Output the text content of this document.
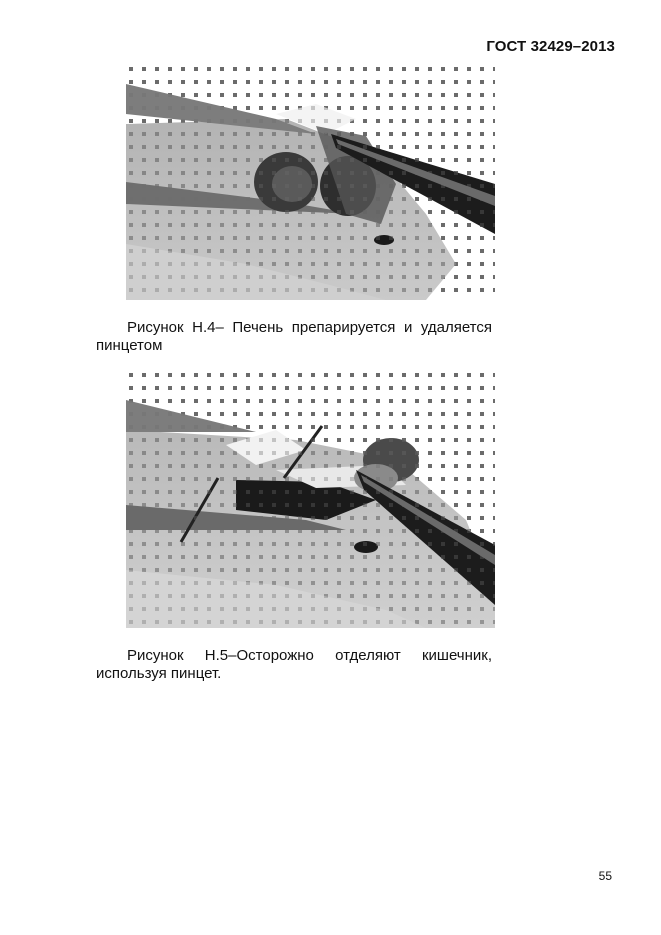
ГОСТ 32429–2013
Рисунок Н.4– Печень препарируется и удаляется
пинцетом
Рисунок Н.5–Осторожно отделяют кишечник,
используя пинцет.
55
